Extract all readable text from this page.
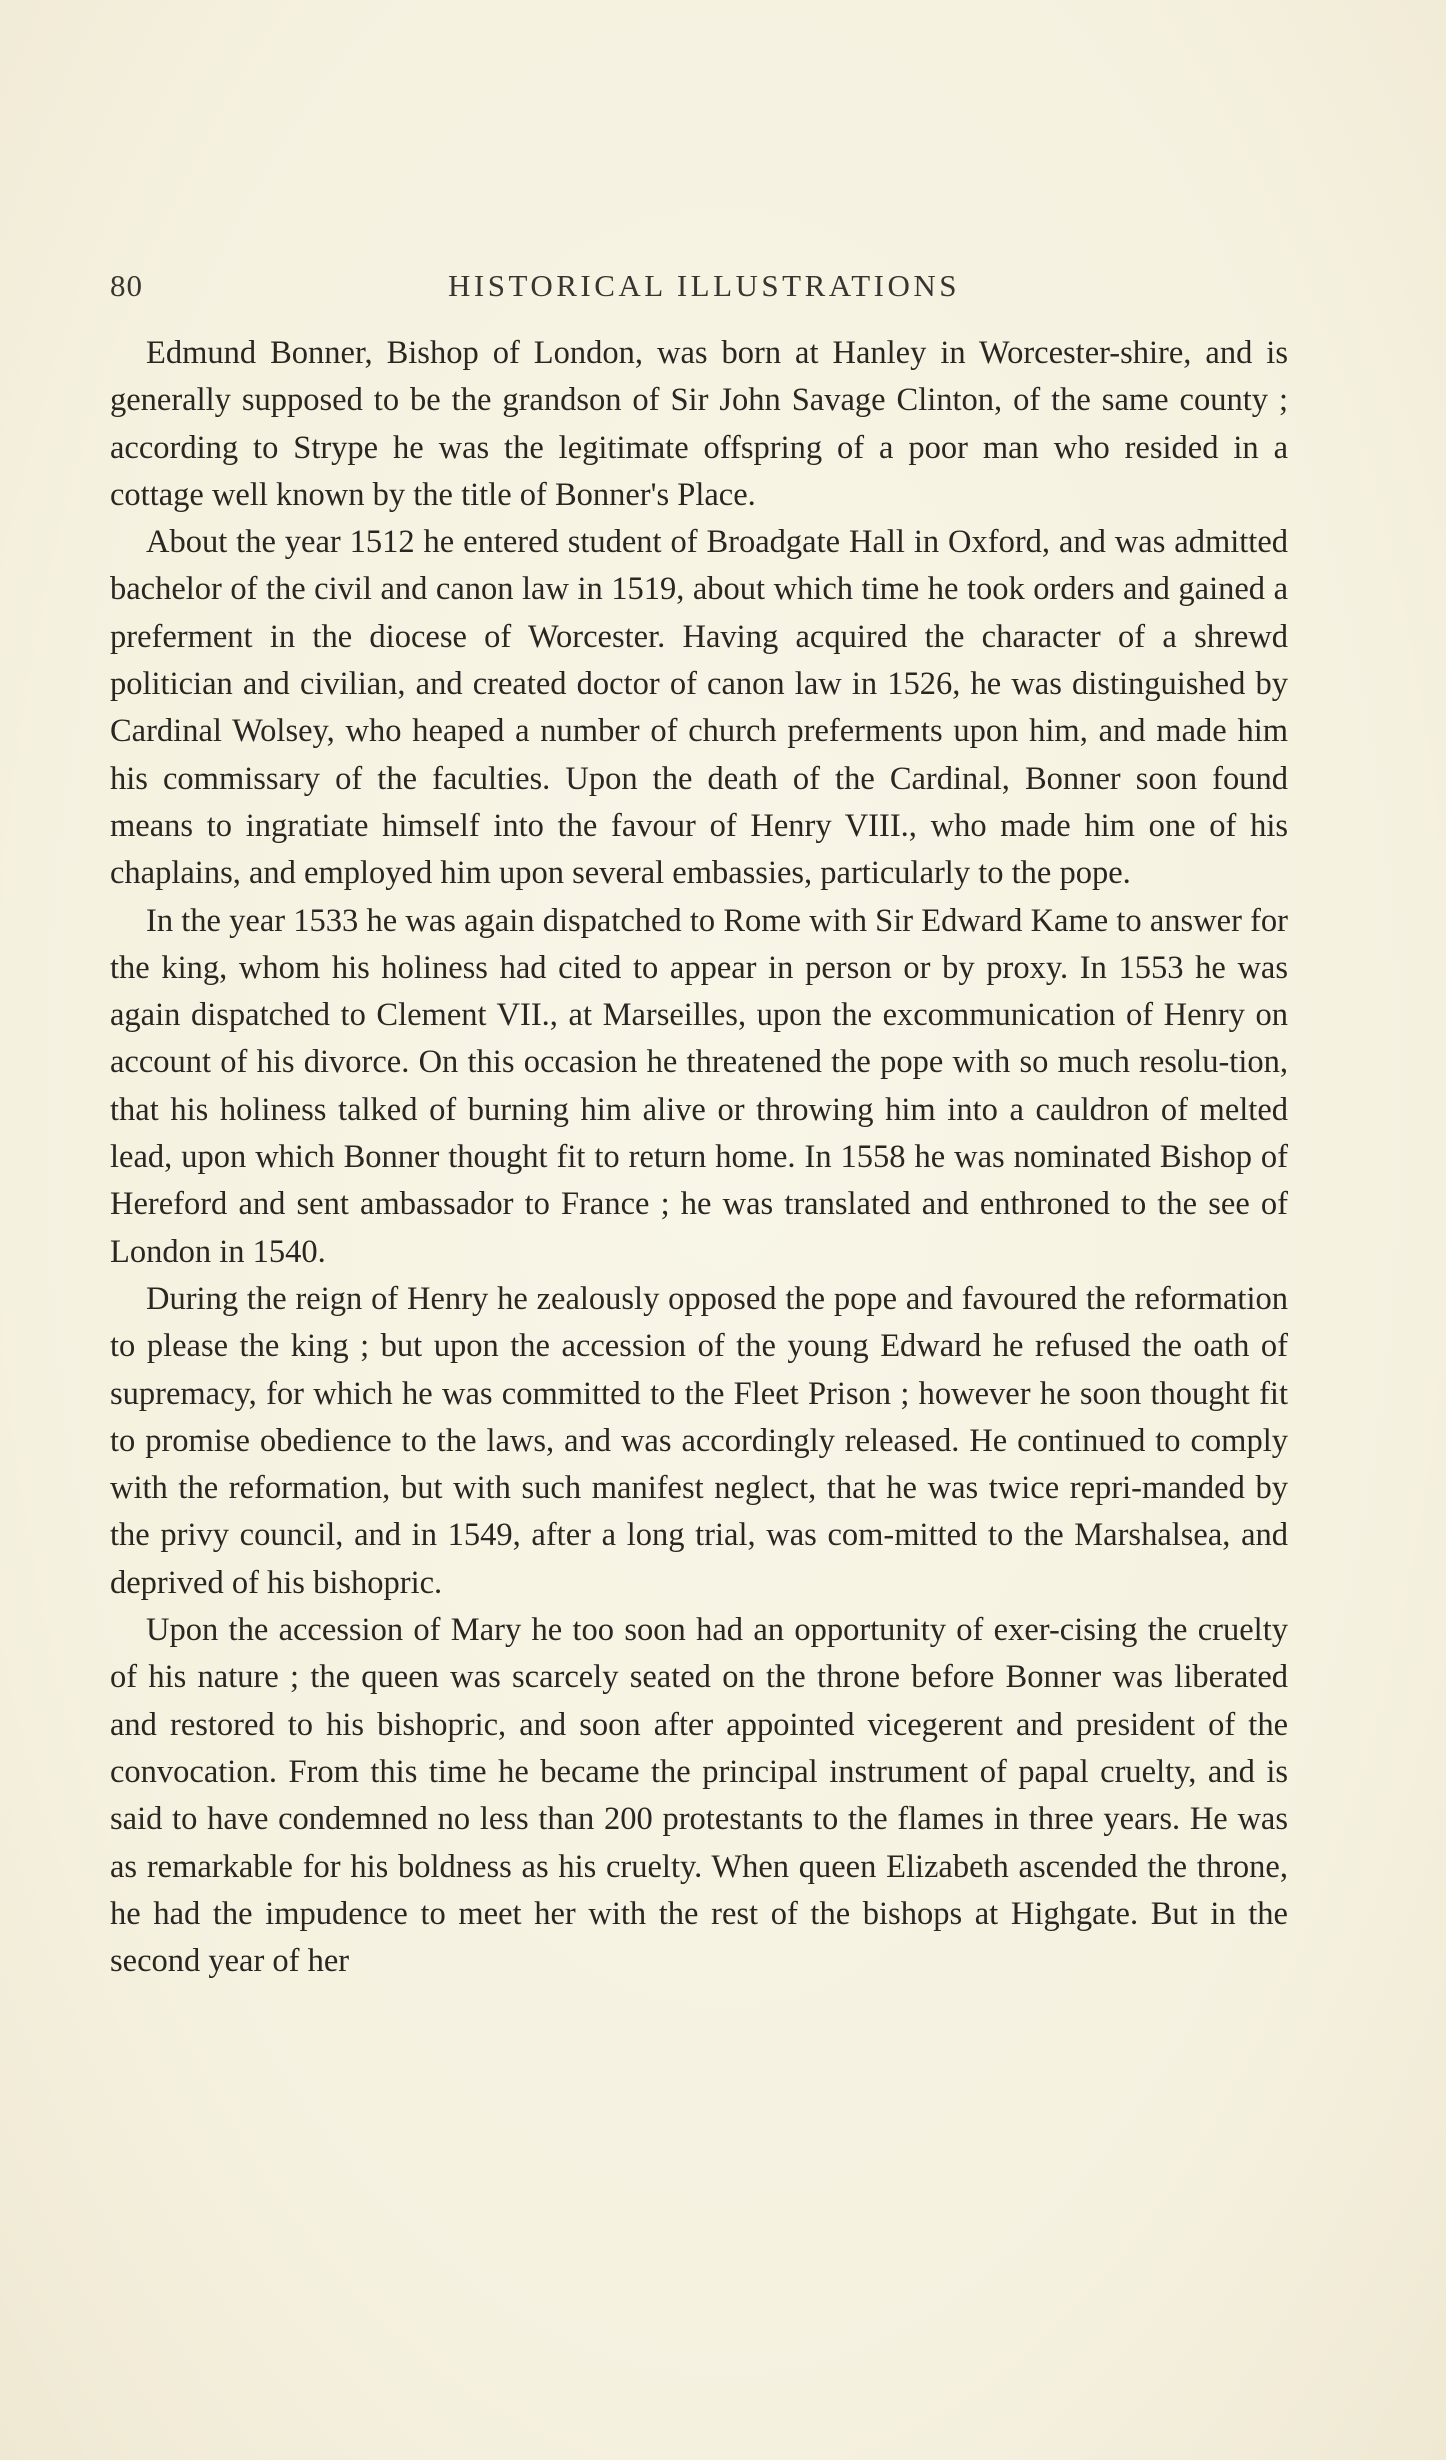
80	HISTORICAL ILLUSTRATIONS

Edmund Bonner, Bishop of London, was born at Hanley in Worcester-shire, and is generally supposed to be the grandson of Sir John Savage Clinton, of the same county ; according to Strype he was the legitimate offspring of a poor man who resided in a cottage well known by the title of Bonner's Place.

About the year 1512 he entered student of Broadgate Hall in Oxford, and was admitted bachelor of the civil and canon law in 1519, about which time he took orders and gained a preferment in the diocese of Worcester. Having acquired the character of a shrewd politician and civilian, and created doctor of canon law in 1526, he was distinguished by Cardinal Wolsey, who heaped a number of church preferments upon him, and made him his commissary of the faculties. Upon the death of the Cardinal, Bonner soon found means to ingratiate himself into the favour of Henry VIII., who made him one of his chaplains, and employed him upon several embassies, particularly to the pope.

In the year 1533 he was again dispatched to Rome with Sir Edward Kame to answer for the king, whom his holiness had cited to appear in person or by proxy. In 1553 he was again dispatched to Clement VII., at Marseilles, upon the excommunication of Henry on account of his divorce. On this occasion he threatened the pope with so much resolu-tion, that his holiness talked of burning him alive or throwing him into a cauldron of melted lead, upon which Bonner thought fit to return home. In 1558 he was nominated Bishop of Hereford and sent ambassador to France ; he was translated and enthroned to the see of London in 1540.

During the reign of Henry he zealously opposed the pope and favoured the reformation to please the king ; but upon the accession of the young Edward he refused the oath of supremacy, for which he was committed to the Fleet Prison ; however he soon thought fit to promise obedience to the laws, and was accordingly released. He continued to comply with the reformation, but with such manifest neglect, that he was twice repri-manded by the privy council, and in 1549, after a long trial, was com-mitted to the Marshalsea, and deprived of his bishopric.

Upon the accession of Mary he too soon had an opportunity of exer-cising the cruelty of his nature ; the queen was scarcely seated on the throne before Bonner was liberated and restored to his bishopric, and soon after appointed vicegerent and president of the convocation. From this time he became the principal instrument of papal cruelty, and is said to have condemned no less than 200 protestants to the flames in three years. He was as remarkable for his boldness as his cruelty. When queen Elizabeth ascended the throne, he had the impudence to meet her with the rest of the bishops at Highgate. But in the second year of her
